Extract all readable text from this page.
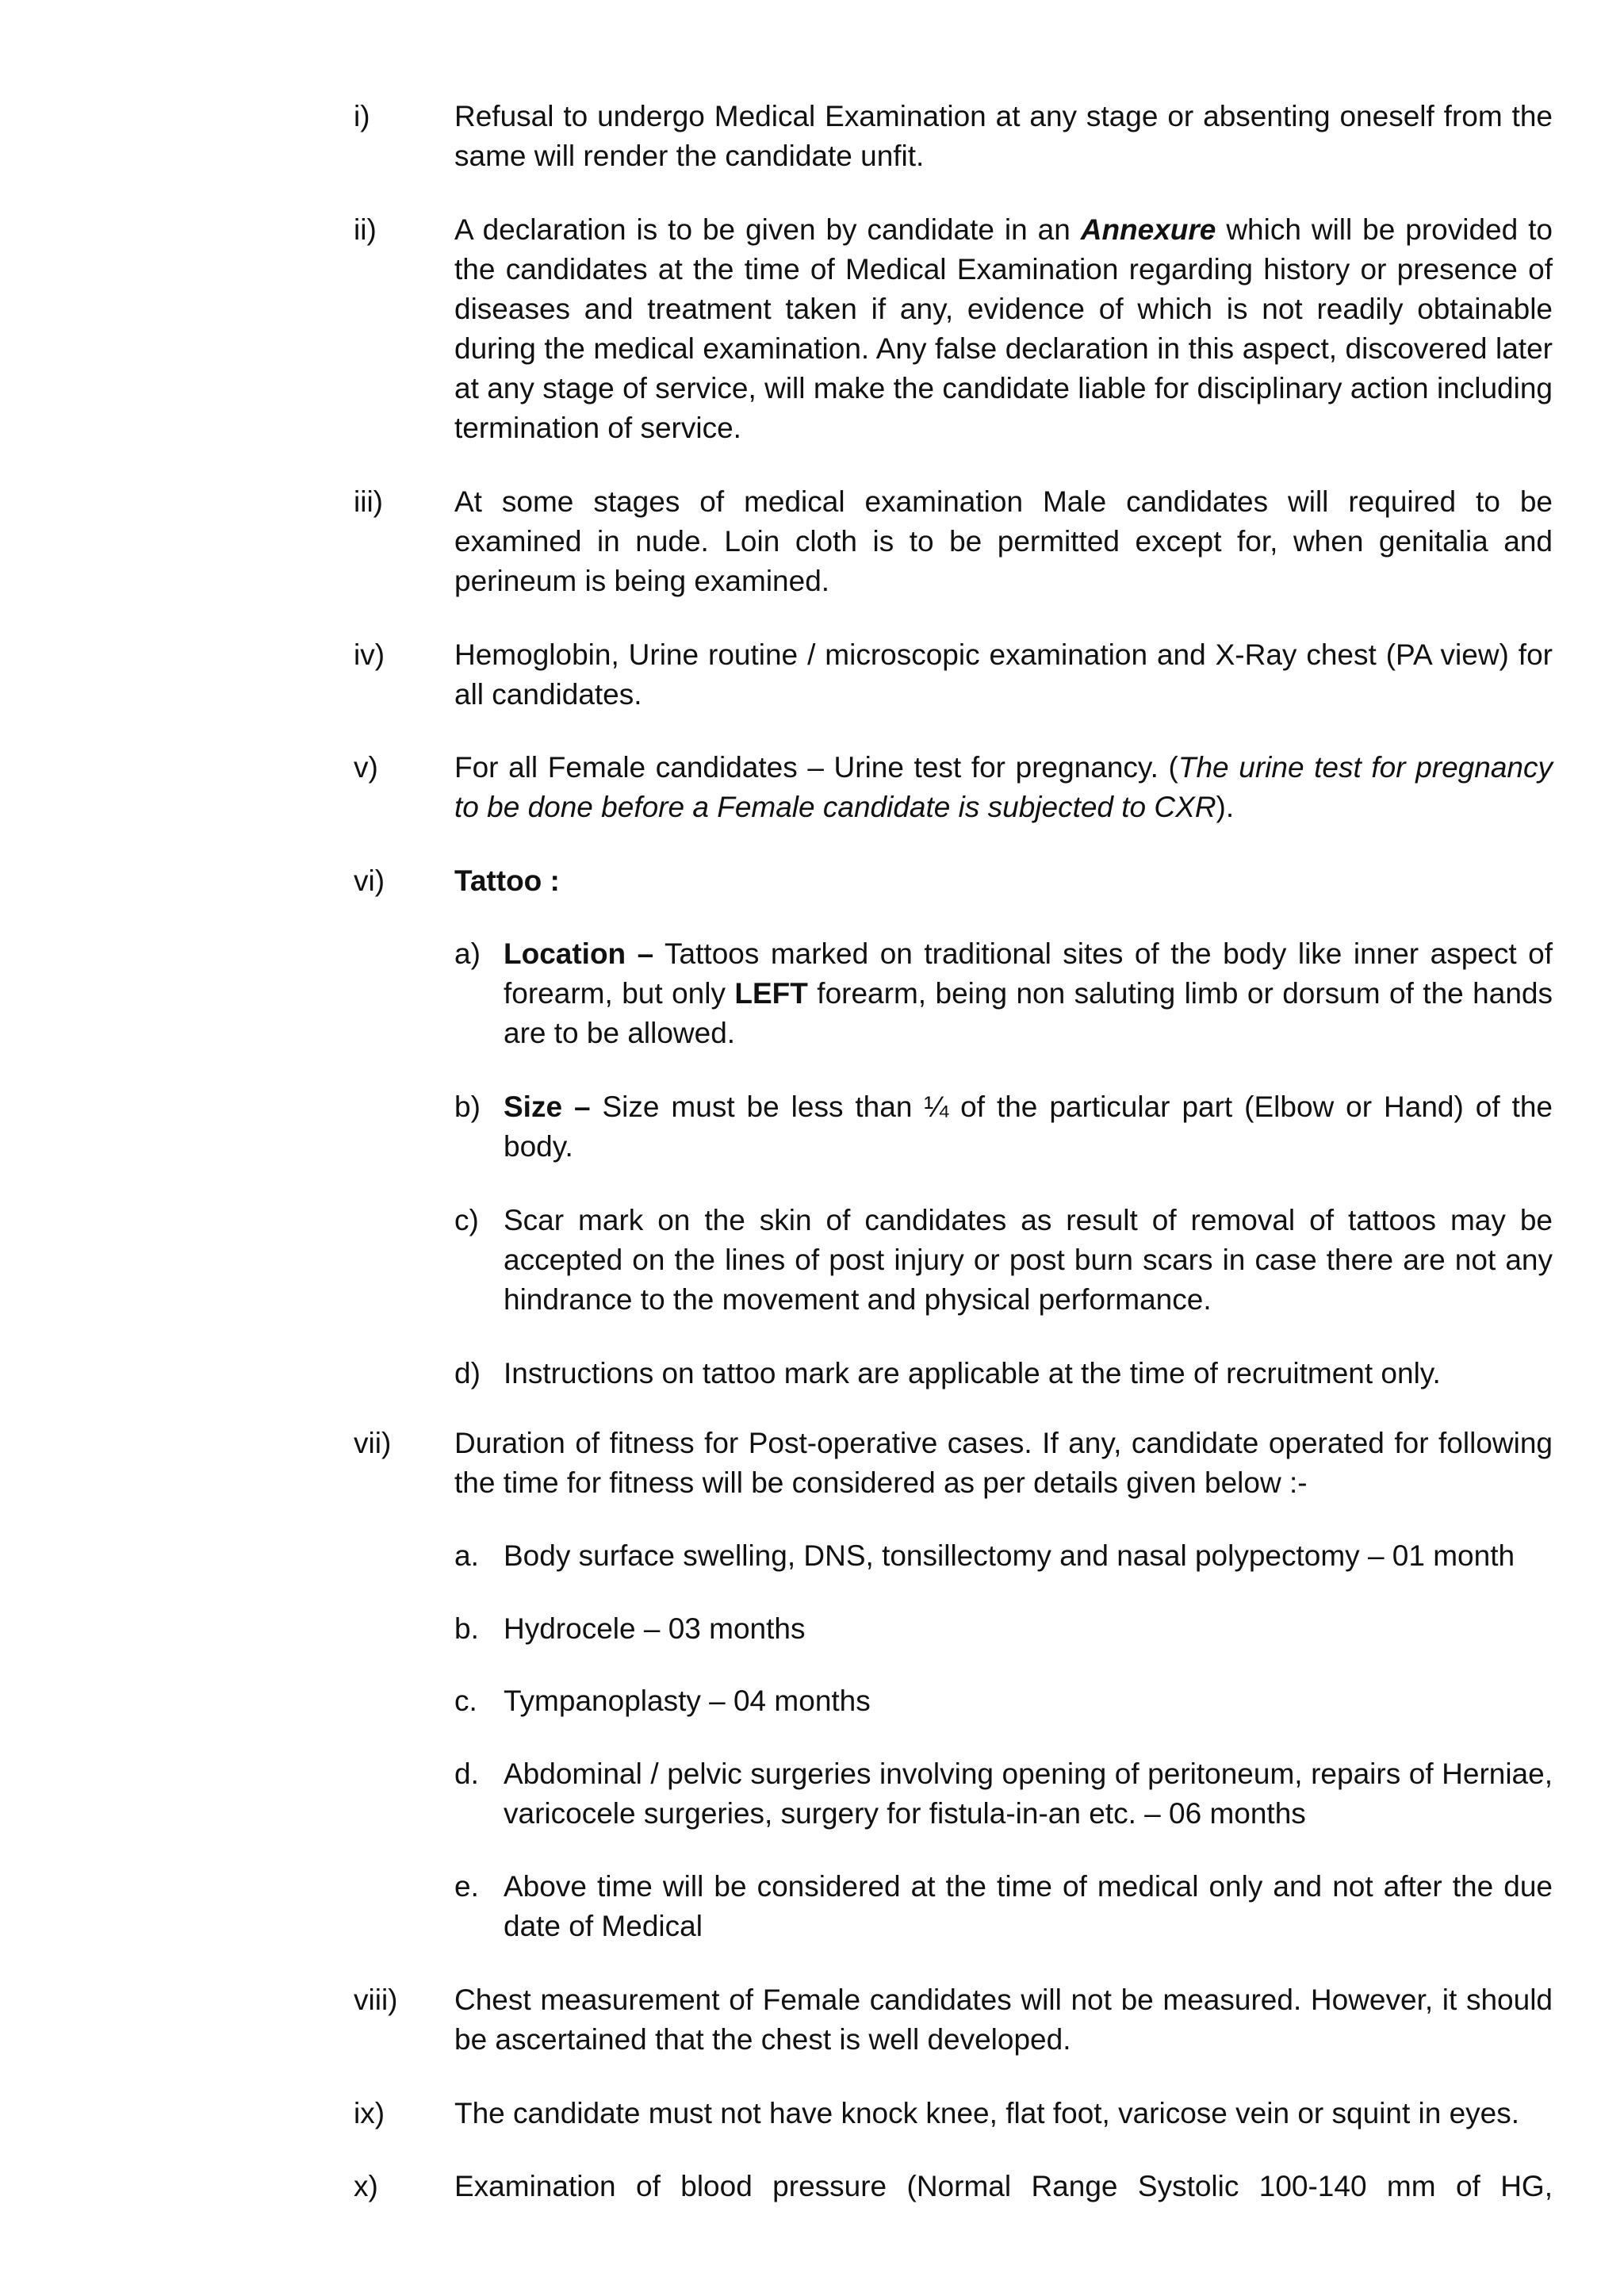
i)	Refusal to undergo Medical Examination at any stage or absenting oneself from the same will render the candidate unfit.
ii)	A declaration is to be given by candidate in an Annexure which will be provided to the candidates at the time of Medical Examination regarding history or presence of diseases and treatment taken if any, evidence of which is not readily obtainable during the medical examination. Any false declaration in this aspect, discovered later at any stage of service, will make the candidate liable for disciplinary action including termination of service.
iii) At some stages of medical examination Male candidates will required to be examined in nude. Loin cloth is to be permitted except for, when genitalia and perineum is being examined.
iv) Hemoglobin, Urine routine / microscopic examination and X-Ray chest (PA view) for all candidates.
v)	For all Female candidates – Urine test for pregnancy. (The urine test for pregnancy to be done before a Female candidate is subjected to CXR).
vi) Tattoo :
a) Location – Tattoos marked on traditional sites of the body like inner aspect of forearm, but only LEFT forearm, being non saluting limb or dorsum of the hands are to be allowed.
b) Size – Size must be less than ¼ of the particular part (Elbow or Hand) of the body.
c) Scar mark on the skin of candidates as result of removal of tattoos may be accepted on the lines of post injury or post burn scars in case there are not any hindrance to the movement and physical performance.
d) Instructions on tattoo mark are applicable at the time of recruitment only.
vii) Duration of fitness for Post-operative cases. If any, candidate operated for following the time for fitness will be considered as per details given below :-
a. Body surface swelling, DNS, tonsillectomy and nasal polypectomy – 01 month
b. Hydrocele – 03 months
c. Tympanoplasty – 04 months
d. Abdominal / pelvic surgeries involving opening of peritoneum, repairs of Herniae, varicocele surgeries, surgery for fistula-in-an etc. – 06 months
e. Above time will be considered at the time of medical only and not after the due date of Medical
viii) Chest measurement of Female candidates will not be measured. However, it should be ascertained that the chest is well developed.
ix) The candidate must not have knock knee, flat foot, varicose vein or squint in eyes.
x)	Examination of blood pressure (Normal Range Systolic 100-140 mm of HG,
